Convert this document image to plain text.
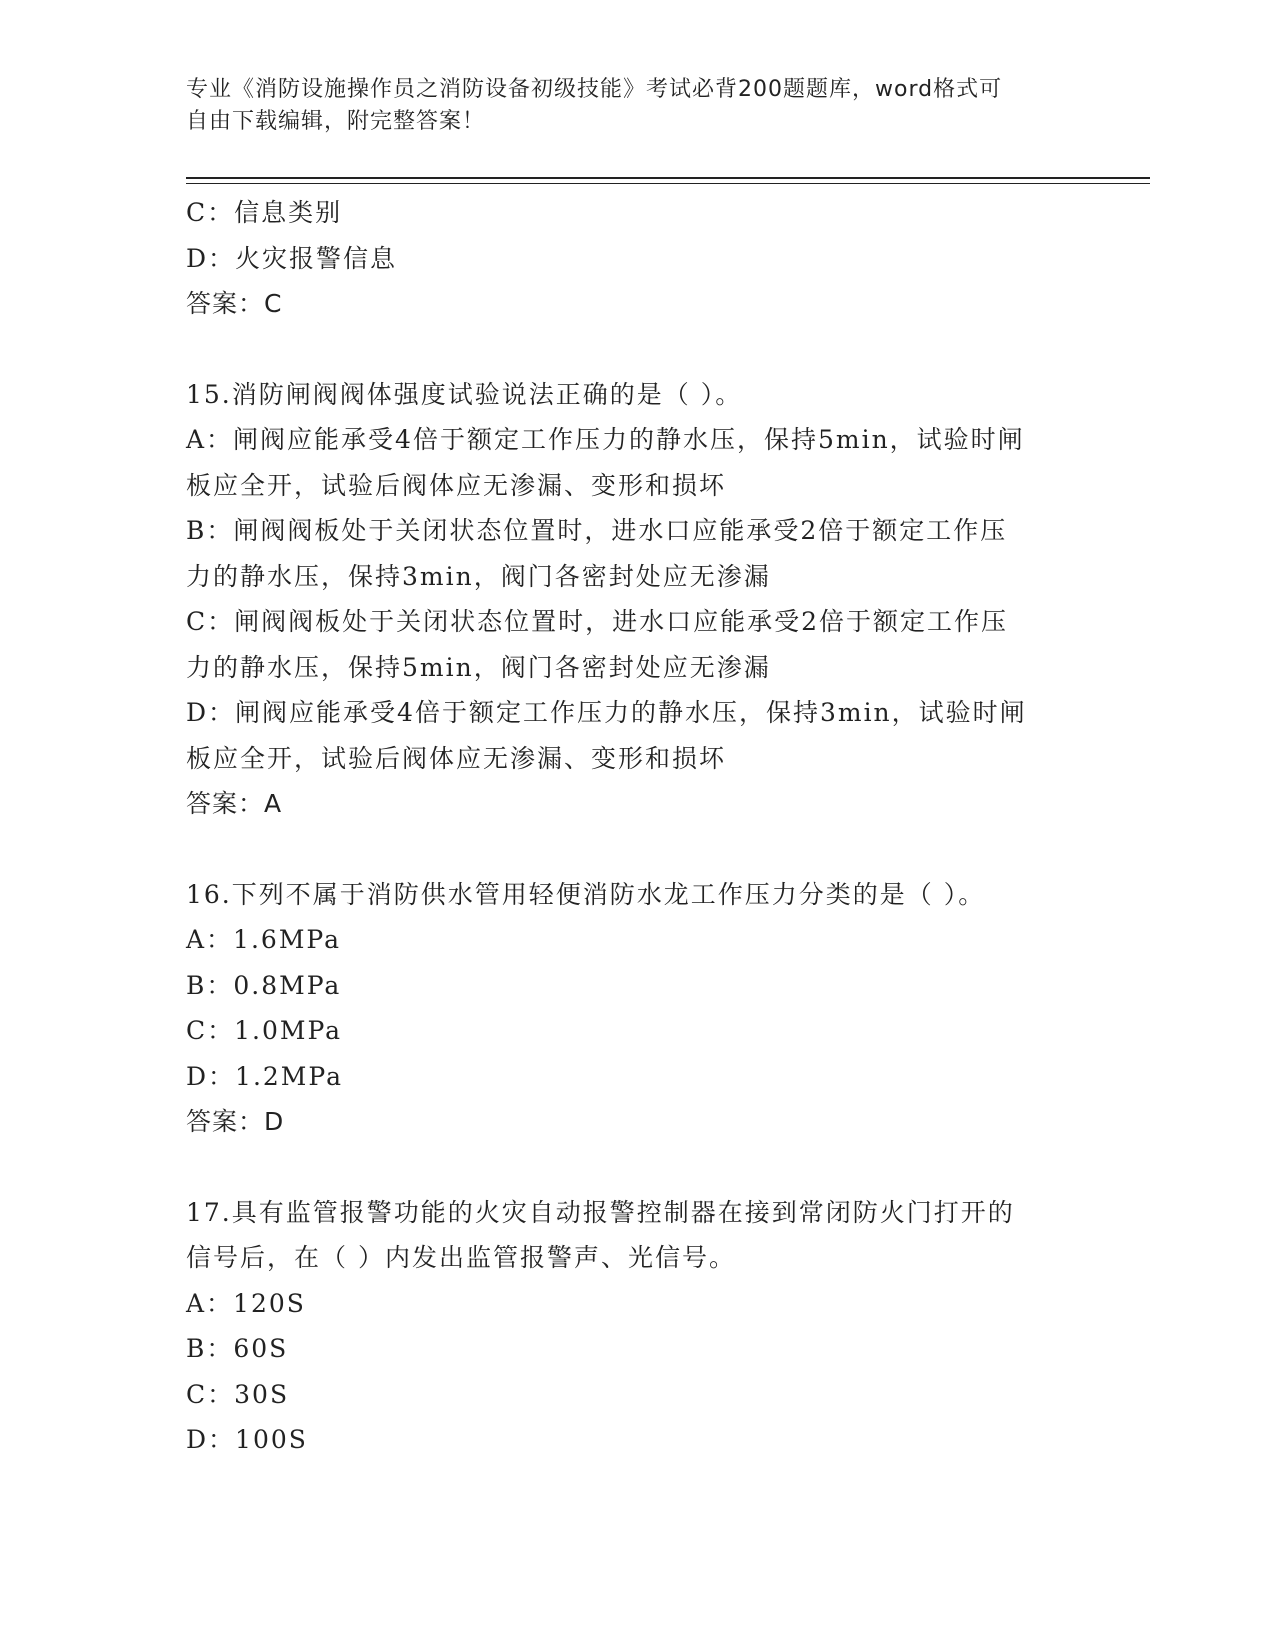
专业《消防设施操作员之消防设备初级技能》考试必背200题题库，word格式可
自由下载编辑，附完整答案！
C：信息类别
D：火灾报警信息
答案：C
15.消防闸阀阀体强度试验说法正确的是（ ）。
A：闸阀应能承受4倍于额定工作压力的静水压，保持5min，试验时闸
板应全开，试验后阀体应无渗漏、变形和损坏
B：闸阀阀板处于关闭状态位置时，进水口应能承受2倍于额定工作压
力的静水压，保持3min，阀门各密封处应无渗漏
C：闸阀阀板处于关闭状态位置时，进水口应能承受2倍于额定工作压
力的静水压，保持5min，阀门各密封处应无渗漏
D：闸阀应能承受4倍于额定工作压力的静水压，保持3min，试验时闸
板应全开，试验后阀体应无渗漏、变形和损坏
答案：A
16.下列不属于消防供水管用轻便消防水龙工作压力分类的是（ ）。
A：1.6MPa
B：0.8MPa
C：1.0MPa
D：1.2MPa
答案：D
17.具有监管报警功能的火灾自动报警控制器在接到常闭防火门打开的
信号后，在（ ）内发出监管报警声、光信号。
A：120S
B：60S
C：30S
D：100S
